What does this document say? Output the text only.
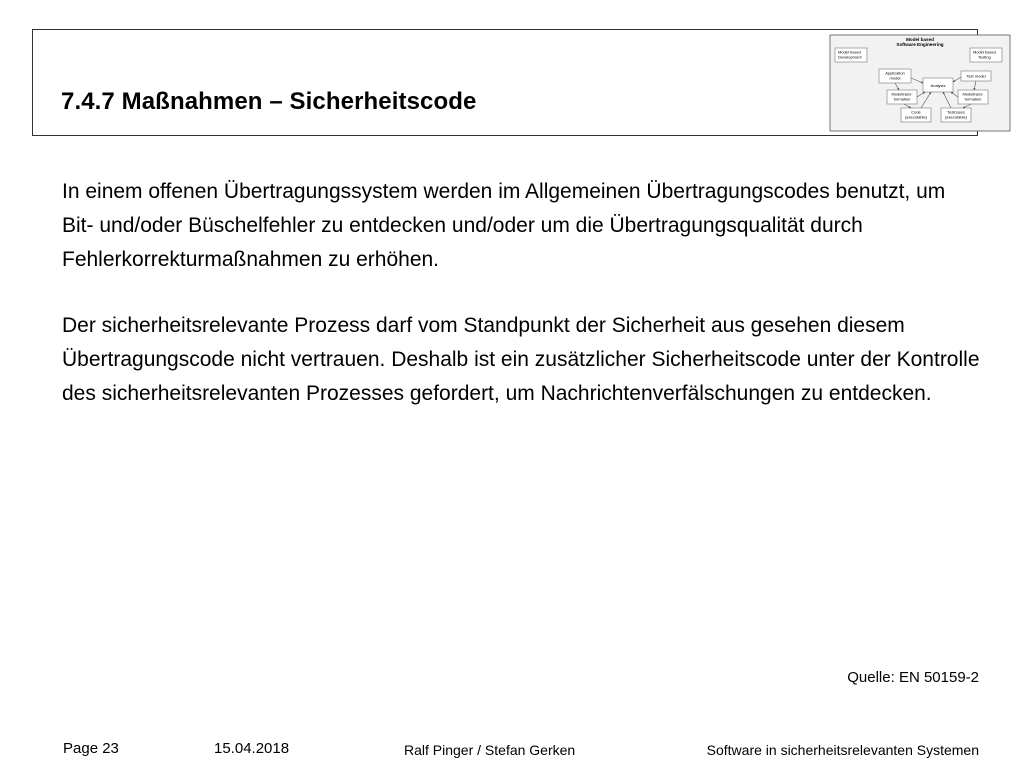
7.4.7 Maßnahmen – Sicherheitscode
Model based
Software Engineering
Model based
Development
Model based
Testing
Application
model	Test model
Analysis
Modeltrans-
formation
Modeltrans-
formation
Code
(executable)
Testcases
(executable)

In einem offenen Übertragungssystem werden im Allgemeinen Übertragungscodes benutzt, um Bit- und/oder Büschelfehler zu entdecken und/oder um die Übertragungsqualität durch Fehlerkorrekturmaßnahmen zu erhöhen.

Der sicherheitsrelevante Prozess darf vom Standpunkt der Sicherheit aus gesehen diesem Übertragungscode nicht vertrauen. Deshalb ist ein zusätzlicher Sicherheitscode unter der Kontrolle des sicherheitsrelevanten Prozesses gefordert, um Nachrichtenverfälschungen zu entdecken.

Quelle: EN 50159-2
Page 23	15.04.2018	Ralf Pinger / Stefan Gerken	Software in sicherheitsrelevanten Systemen
